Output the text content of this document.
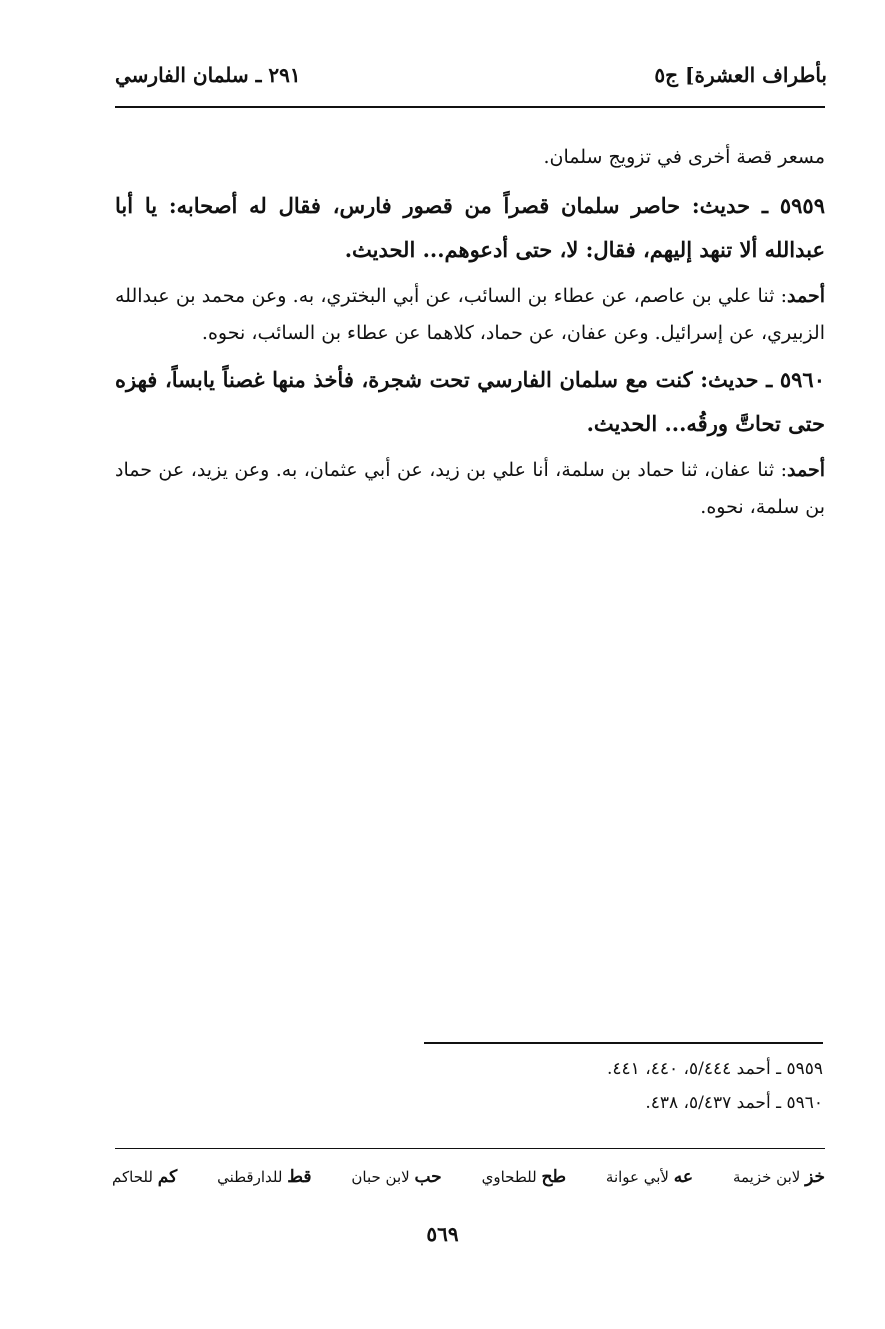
بأطراف العشرة] ج٥
٢٩١ ـ سلمان الفارسي

مسعر قصة أخرى في تزويج سلمان.

٥٩٥٩ ـ حديث: حاصر سلمان قصراً من قصور فارس، فقال له أصحابه: يا أبا عبدالله ألا تنهد إليهم، فقال: لا، حتى أدعوهم... الحديث.

أحمد: ثنا علي بن عاصم، عن عطاء بن السائب، عن أبي البختري، به. وعن محمد بن عبدالله الزبيري، عن إسرائيل. وعن عفان، عن حماد، كلاهما عن عطاء بن السائب، نحوه.

٥٩٦٠ ـ حديث: كنت مع سلمان الفارسي تحت شجرة، فأخذ منها غصناً يابساً، فهزه حتى تحاتَّ ورقُه... الحديث.

أحمد: ثنا عفان، ثنا حماد بن سلمة، أنا علي بن زيد، عن أبي عثمان، به. وعن يزيد، عن حماد بن سلمة، نحوه.

٥٩٥٩ ـ أحمد ٥/٤٤٤، ٤٤٠، ٤٤١.

٥٩٦٠ ـ أحمد ٥/٤٣٧، ٤٣٨.

خز لابن خزيمة
عه لأبي عوانة
طح للطحاوي
حب لابن حبان
قط للدارقطني
كم للحاكم
٥٦٩
